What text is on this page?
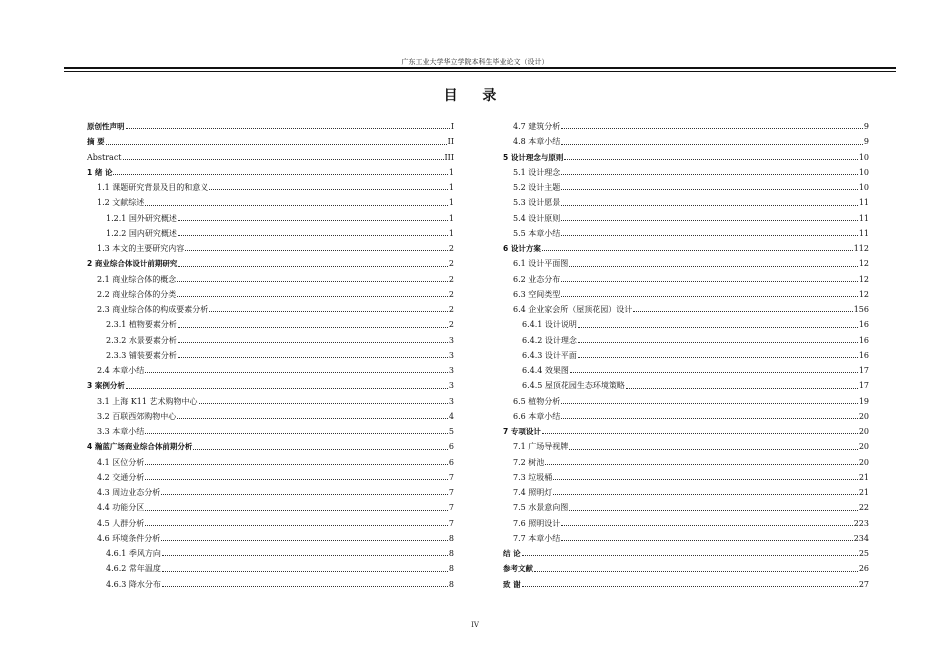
广东工业大学华立学院本科生毕业论文（设计）
目 录
原创性声明	I
摘 要	II
Abstract	III
1 绪 论	1
1.1 课题研究背景及目的和意义	1
1.2 文献综述	1
1.2.1 国外研究概述	1
1.2.2 国内研究概述	1
1.3 本文的主要研究内容	2
2 商业综合体设计前期研究	2
2.1 商业综合体的概念	2
2.2 商业综合体的分类	2
2.3 商业综合体的构成要素分析	2
2.3.1 植物要素分析	2
2.3.2 水景要素分析	3
2.3.3 铺装要素分析	3
2.4 本章小结	3
3 案例分析	3
3.1 上海 K11 艺术购物中心	3
3.2 百联西郊购物中心	4
3.3 本章小结	5
4 瀚蓝广场商业综合体前期分析	6
4.1 区位分析	6
4.2 交通分析	7
4.3 周边业态分析	7
4.4 功能分区	7
4.5 人群分析	7
4.6 环境条件分析	8
4.6.1 季风方向	8
4.6.2 常年温度	8
4.6.3 降水分布	8
4.7 建筑分析	9
4.8 本章小结	9
5 设计理念与原则	10
5.1 设计理念	10
5.2 设计主题	10
5.3 设计愿景	11
5.4 设计原则	11
5.5 本章小结	11
6 设计方案	112
6.1 设计平面图	12
6.2 业态分布	12
6.3 空间类型	12
6.4 企业家会所（屋顶花园）设计	156
6.4.1 设计说明	16
6.4.2 设计理念	16
6.4.3 设计平面	16
6.4.4 效果图	17
6.4.5 屋顶花园生态环境策略	17
6.5 植物分析	19
6.6 本章小结	20
7 专项设计	20
7.1 广场导视牌	20
7.2 树池	20
7.3 垃圾桶	21
7.4 照明灯	21
7.5 水景意向图	22
7.6 照明设计	223
7.7 本章小结	234
结 论	25
参考文献	26
致 谢	27
IV
